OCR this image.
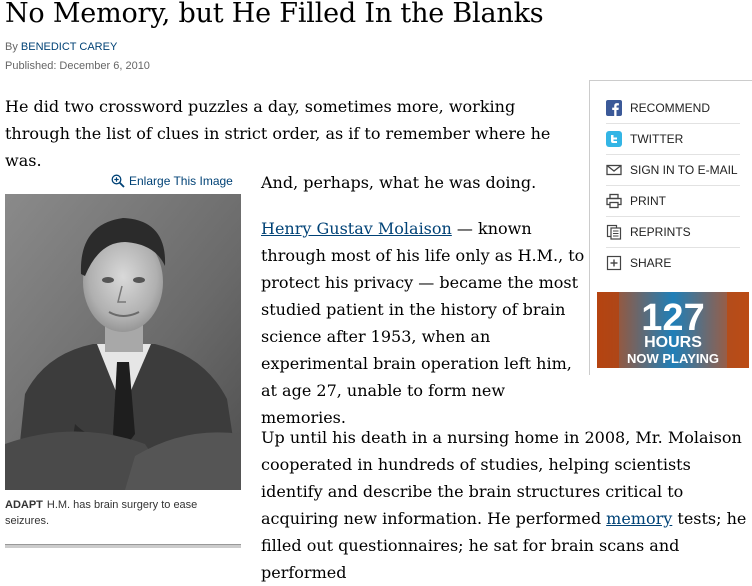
No Memory, but He Filled In the Blanks
By BENEDICT CAREY
Published: December 6, 2010

He did two crossword puzzles a day, sometimes more, working through the list of clues in strict order, as if to remember where he was.

Enlarge This Image
ADAPT H.M. has brain surgery to ease seizures.

And, perhaps, what he was doing.

Henry Gustav Molaison — known through most of his life only as H.M., to protect his privacy — became the most studied patient in the history of brain science after 1953, when an experimental brain operation left him, at age 27, unable to form new memories.

Up until his death in a nursing home in 2008, Mr. Molaison cooperated in hundreds of studies, helping scientists identify and describe the brain structures critical to acquiring new information. He performed memory tests; he filled out questionnaires; he sat for brain scans and performed

RECOMMEND
TWITTER
SIGN IN TO E-MAIL
PRINT
REPRINTS
SHARE
127
HOURS
NOW PLAYING
